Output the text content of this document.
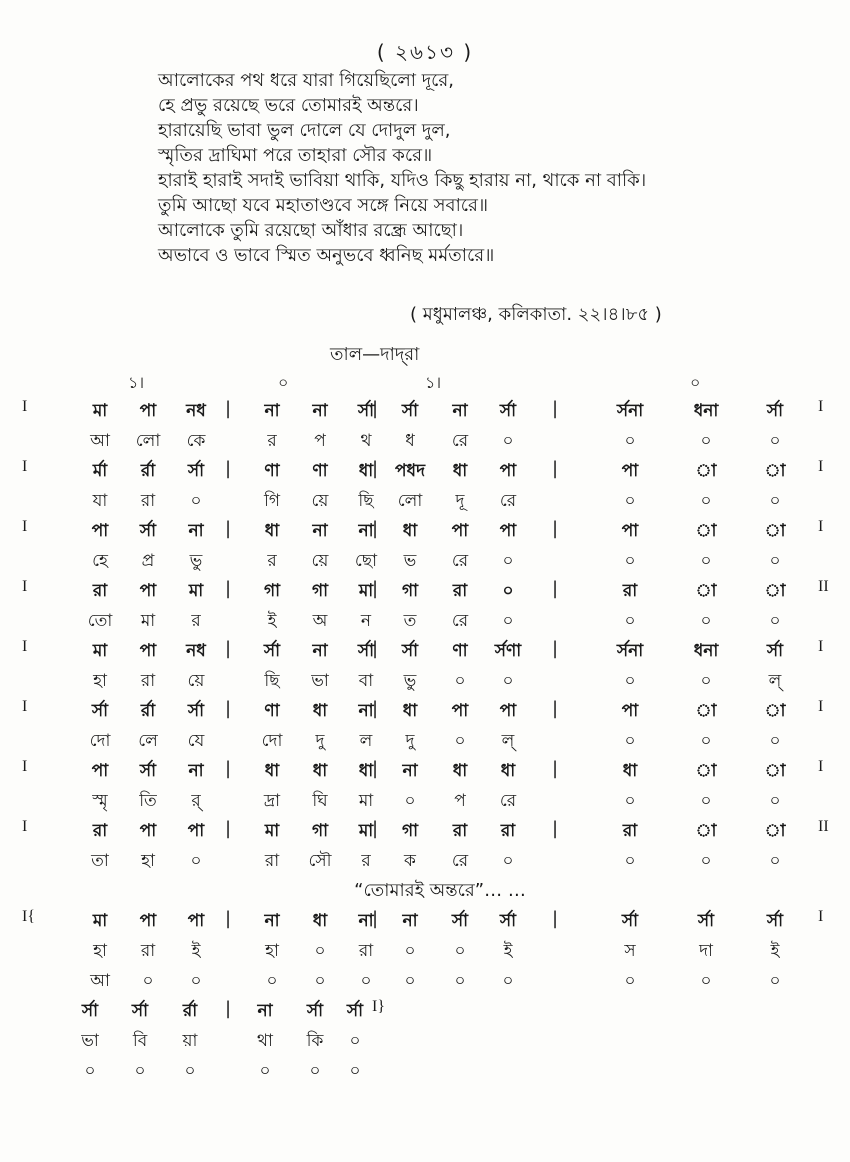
( ২৬১৩ )
আলোকের পথ ধরে যারা গিয়েছিলো দূরে,
হে প্রভু রয়েছে ভরে তোমারই অন্তরে।
হারায়েছি ভাবা ভুল দোলে যে দোদুল দুল,
স্মৃতির দ্রাঘিমা পরে তাহারা সৌর করে॥
হারাই হারাই সদাই ভাবিয়া থাকি, যদিও কিছু হারায় না, থাকে না বাকি।
তুমি আছো যবে মহাতাণ্ডবে সঙ্গে নিয়ে সবারে॥
আলোকে তুমি রয়েছো আঁধার রন্ধ্রে আছো।
অভাবে ও ভাবে স্মিত অনুভবে ধ্বনিছ মর্মতারে॥
( মধুমালঞ্চ, কলিকাতা. ২২।৪।৮৫ )
তাল—দাদ্‌রা
১।	০	১।	০
I	|	|	|	I
মা পা নধ	না না র্সা র্সা না র্সা	র্সনা	ধনা	র্সা
আ লো কে	র প থ ধ রে ০	০	০	০
I	|	|	|	I
র্মা র্রা র্সা	ণা ণা ধা পধদ ধা পা	পা	া	া
যা রা ০	গি য়ে ছি লো দূ রে	০	০	০
I	|	|	|	I
পা র্সা না	ধা না না ধা পা পা	পা	া	া
হে প্র ভু	র য়ে ছো ভ রে ০	০	০	০
I	|	|	|	II
রা পা মা	গা গা মা গা রা ০	রা	া	া
তো মা র	ই অ ন ত রে ০	০	০	০
I	|	|	|	I
মা পা নধ	র্সা না র্সা র্সা ণা র্সণা	র্সনা	ধনা	র্সা
হা রা য়ে	ছি ভা বা ভু ০ ০	০	০	ল্
I	|	|	|	I
র্সা র্রা র্সা	ণা ধা না ধা পা পা	পা	া	া
দো লে যে	দো দু ল দু ০ ল্	০	০	০
I	|	|	|	I
পা র্সা না	ধা ধা ধা না ধা ধা	ধা	া	া
স্মৃ তি র্	দ্রা ঘি মা ০ প রে	০	০	০
I	|	|	|	II
রা পা পা	মা গা মা গা রা রা	রা	া	া
তা হা ০	রা সৌ র ক রে ০	০	০	০
“তোমারই অন্তরে”… …
I{	|	|	|	I
মা পা পা	না ধা না না র্সা র্সা	র্সা	র্সা	র্সা
হা রা ই	হা ০ রা ০ ০ ই	স	দা	ই
আ ০ ০	০ ০ ০ ০ ০ ০	০	০	০
|	I}
র্সা র্সা র্রা	না র্সা র্সা
ভা বি য়া	থা কি ০
০ ০ ০	০ ০ ০
